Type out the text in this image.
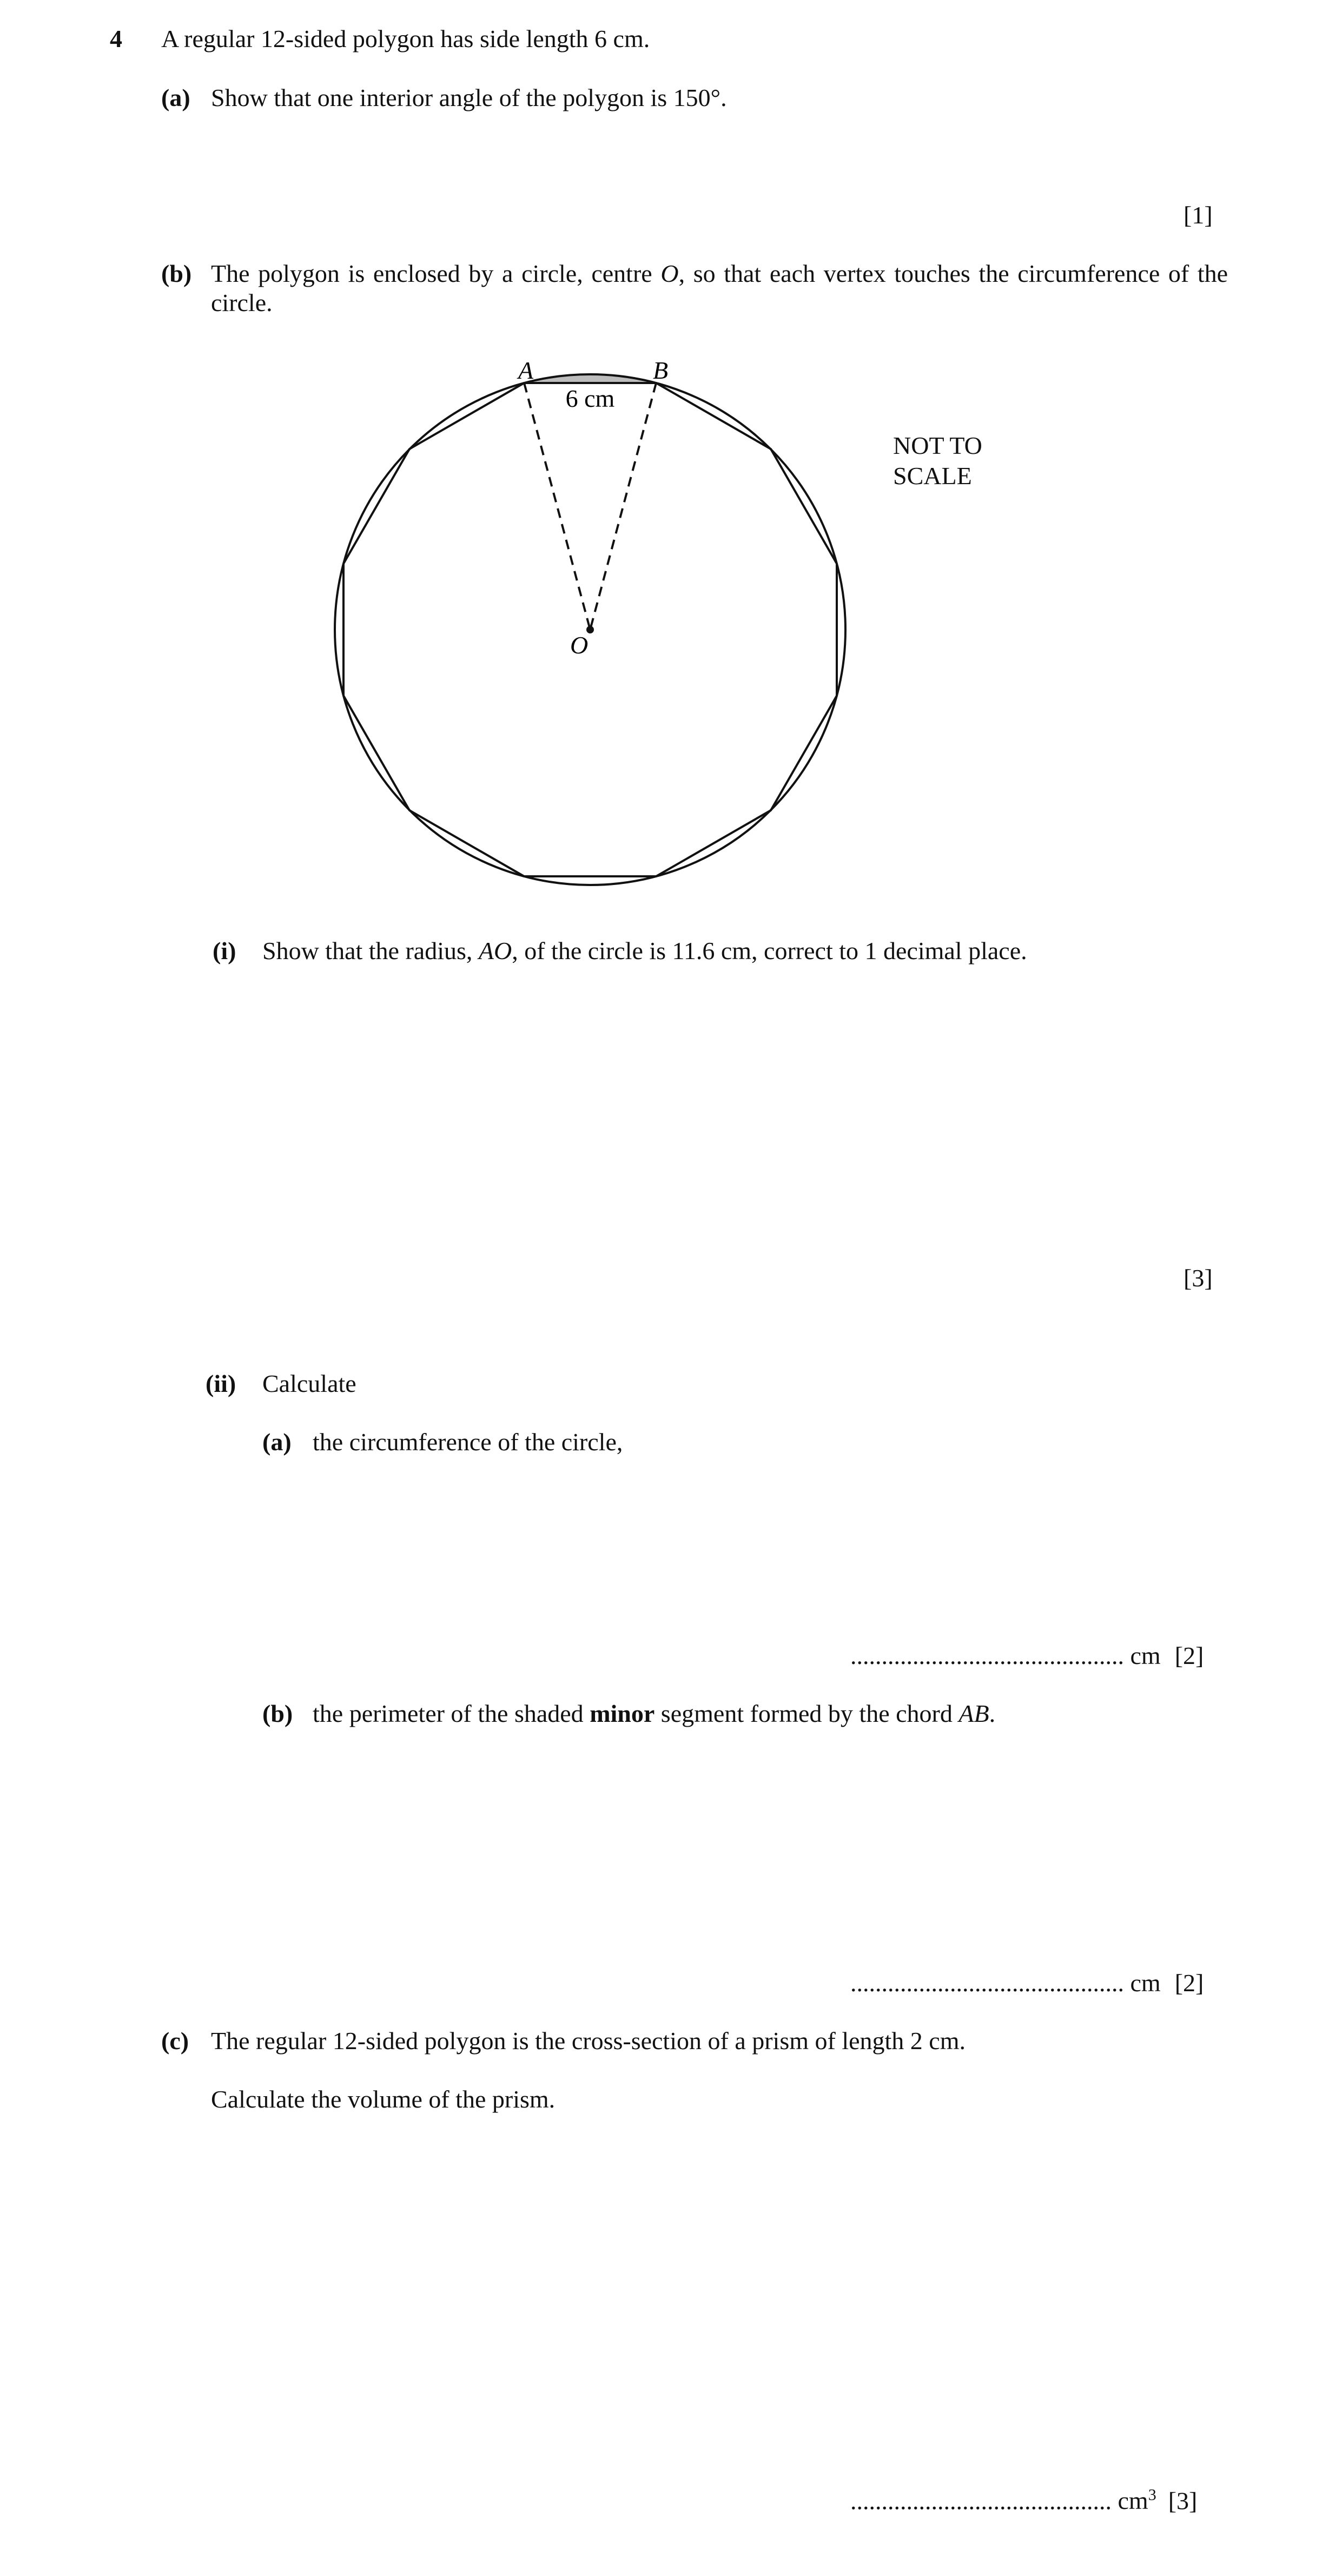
4 A regular 12-sided polygon has side length 6 cm.
(a) Show that one interior angle of the polygon is 150°.
[1]
(b) The polygon is enclosed by a circle, centre O, so that each vertex touches the circumference of the
circle.
A	B
O
6 cm
NOT TO
SCALE
(i) Show that the radius, AO, of the circle is 11.6 cm, correct to 1 decimal place.
[3]
(ii) Calculate
(a) the circumference of the circle,
............................................ cm [2]
(b) the perimeter of the shaded minor segment formed by the chord AB.
............................................ cm [2]
(c) The regular 12-sided polygon is the cross-section of a prism of length 2 cm.
Calculate the volume of the prism.
.......................................... $cm^3$ [3]
